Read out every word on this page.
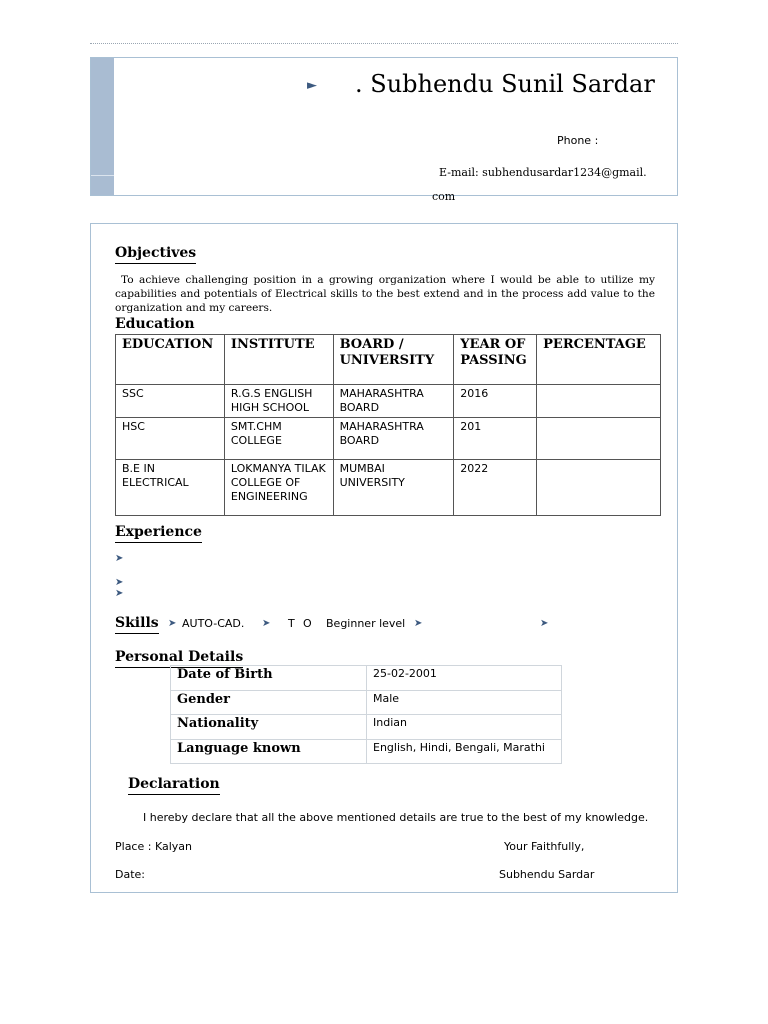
► . Subhendu Sunil Sardar
Phone :
E-mail: subhendusardar1234@gmail.
com
Objectives
To achieve challenging position in a growing organization where I would be able to utilize my capabilities and potentials of Electrical skills to the best extend and in the process add value to the organization and my careers.
Education
EDUCATION	INSTITUTE	BOARD / UNIVERSITY	YEAR OF PASSING	PERCENTAGE
SSC	R.G.S ENGLISH HIGH SCHOOL	MAHARASHTRA BOARD	2016	
HSC	SMT.CHM COLLEGE	MAHARASHTRA BOARD	201	
B.E IN ELECTRICAL	LOKMANYA TILAK COLLEGE OF ENGINEERING	MUMBAI UNIVERSITY	2022	
Experience
➤
➤
➤
Skills ➤ AUTO-CAD. ➤ T O Beginner level ➤	➤
Personal Details
Date of Birth	25-02-2001
Gender	Male
Nationality	Indian
Language known	English, Hindi, Bengali, Marathi
Declaration
I hereby declare that all the above mentioned details are true to the best of my knowledge.
Place : Kalyan	Your Faithfully,
Date:	Subhendu Sardar
